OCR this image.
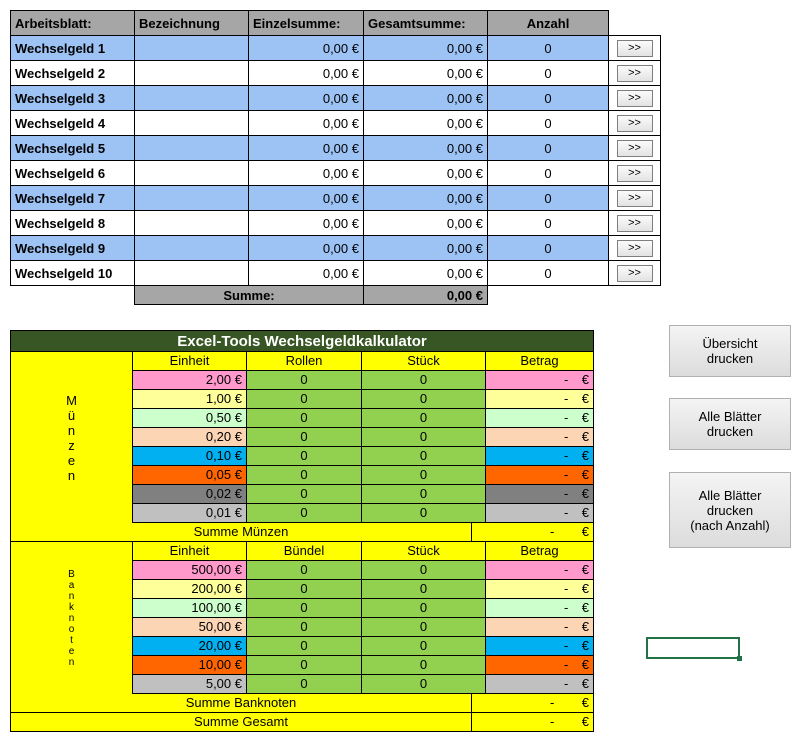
Arbeitsblatt:	Bezeichnung	Einzelsumme:	Gesamtsumme:	Anzahl	
Wechselgeld 1		0,00 €	0,00 €	0	>>
Wechselgeld 2		0,00 €	0,00 €	0	>>
Wechselgeld 3		0,00 €	0,00 €	0	>>
Wechselgeld 4		0,00 €	0,00 €	0	>>
Wechselgeld 5		0,00 €	0,00 €	0	>>
Wechselgeld 6		0,00 €	0,00 €	0	>>
Wechselgeld 7		0,00 €	0,00 €	0	>>
Wechselgeld 8		0,00 €	0,00 €	0	>>
Wechselgeld 9		0,00 €	0,00 €	0	>>
Wechselgeld 10		0,00 €	0,00 €	0	>>
	Summe:		0,00 €		
Excel-Tools Wechselgeldkalkulator
M
ü
n
z
e
n
Einheit	Rollen	Stück	Betrag
2,00 €	0	0	- €
1,00 €	0	0	- €
0,50 €	0	0	- €
0,20 €	0	0	- €
0,10 €	0	0	- €
0,05 €	0	0	- €
0,02 €	0	0	- €
0,01 €	0	0	- €
Summe Münzen	- €
B
a
n
k
n
o
t
e
n
Einheit	Bündel	Stück	Betrag
500,00 €	0	0	- €
200,00 €	0	0	- €
100,00 €	0	0	- €
50,00 €	0	0	- €
20,00 €	0	0	- €
10,00 €	0	0	- €
5,00 €	0	0	- €
Summe Banknoten	- €
Summe Gesamt	- €
Übersicht
drucken
Alle Blätter
drucken
Alle Blätter
drucken
(nach Anzahl)
